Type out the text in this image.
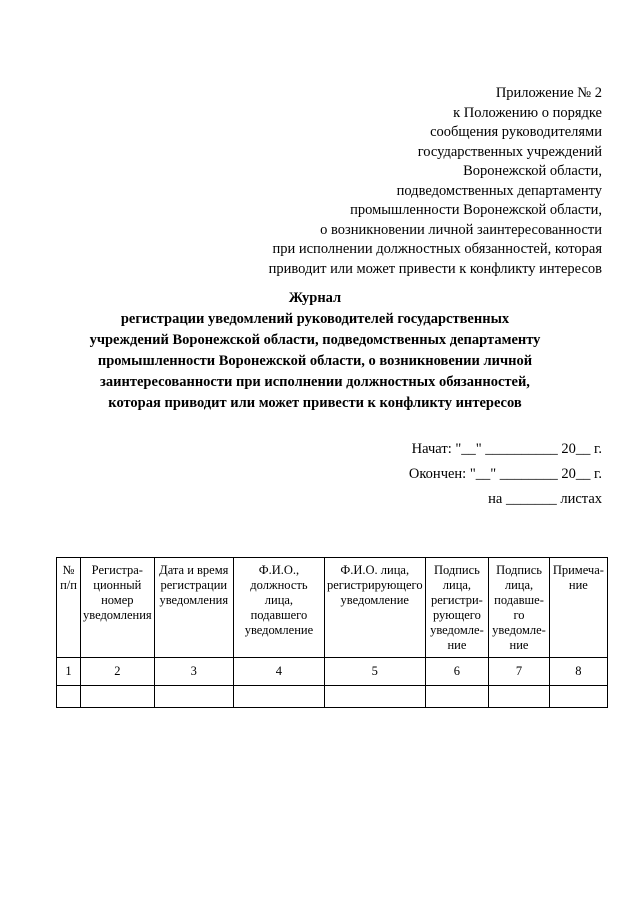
Приложение № 2
к Положению о порядке
сообщения руководителями
государственных учреждений
Воронежской области,
подведомственных департаменту
промышленности Воронежской области,
о возникновении личной заинтересованности
при исполнении должностных обязанностей, которая
приводит или может привести к конфликту интересов
Журнал
регистрации уведомлений руководителей государственных
учреждений Воронежской области, подведомственных департаменту
промышленности Воронежской области, о возникновении личной
заинтересованности при исполнении должностных обязанностей,
которая приводит или может привести к конфликту интересов
Начат: "__" __________ 20__ г.
Окончен: "__" ________ 20__ г.
на _______ листах
№ п/п	Регистра-ционный номер уведомления	Дата и время регистрации уведомления	Ф.И.О., должность лица, подавшего уведомление	Ф.И.О. лица, регистрирующего уведомление	Подпись лица, регистри-рующего уведомле-ние	Подпись лица, подавше-го уведомле-ние	Примеча-ние
1	2	3	4	5	6	7	8
